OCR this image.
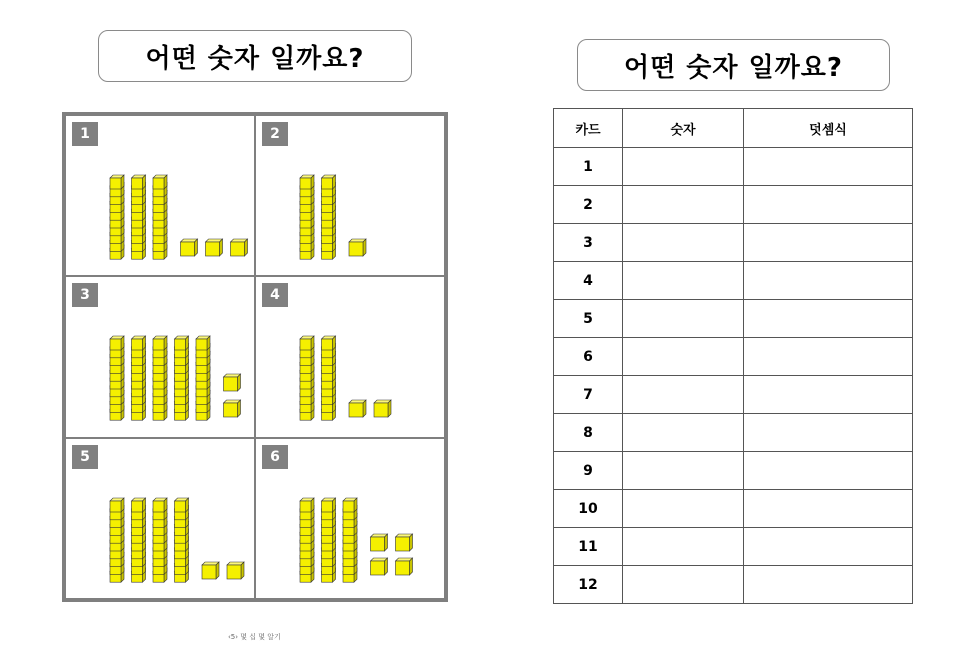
어떤 숫자 일까요?
1	2
3	4
5	6
어떤 숫자 일까요?
카드	숫자	덧셈식
1		
2		
3		
4		
5		
6		
7		
8		
9		
10		
11		
12		
‹5› 몇 십 몇 알기
